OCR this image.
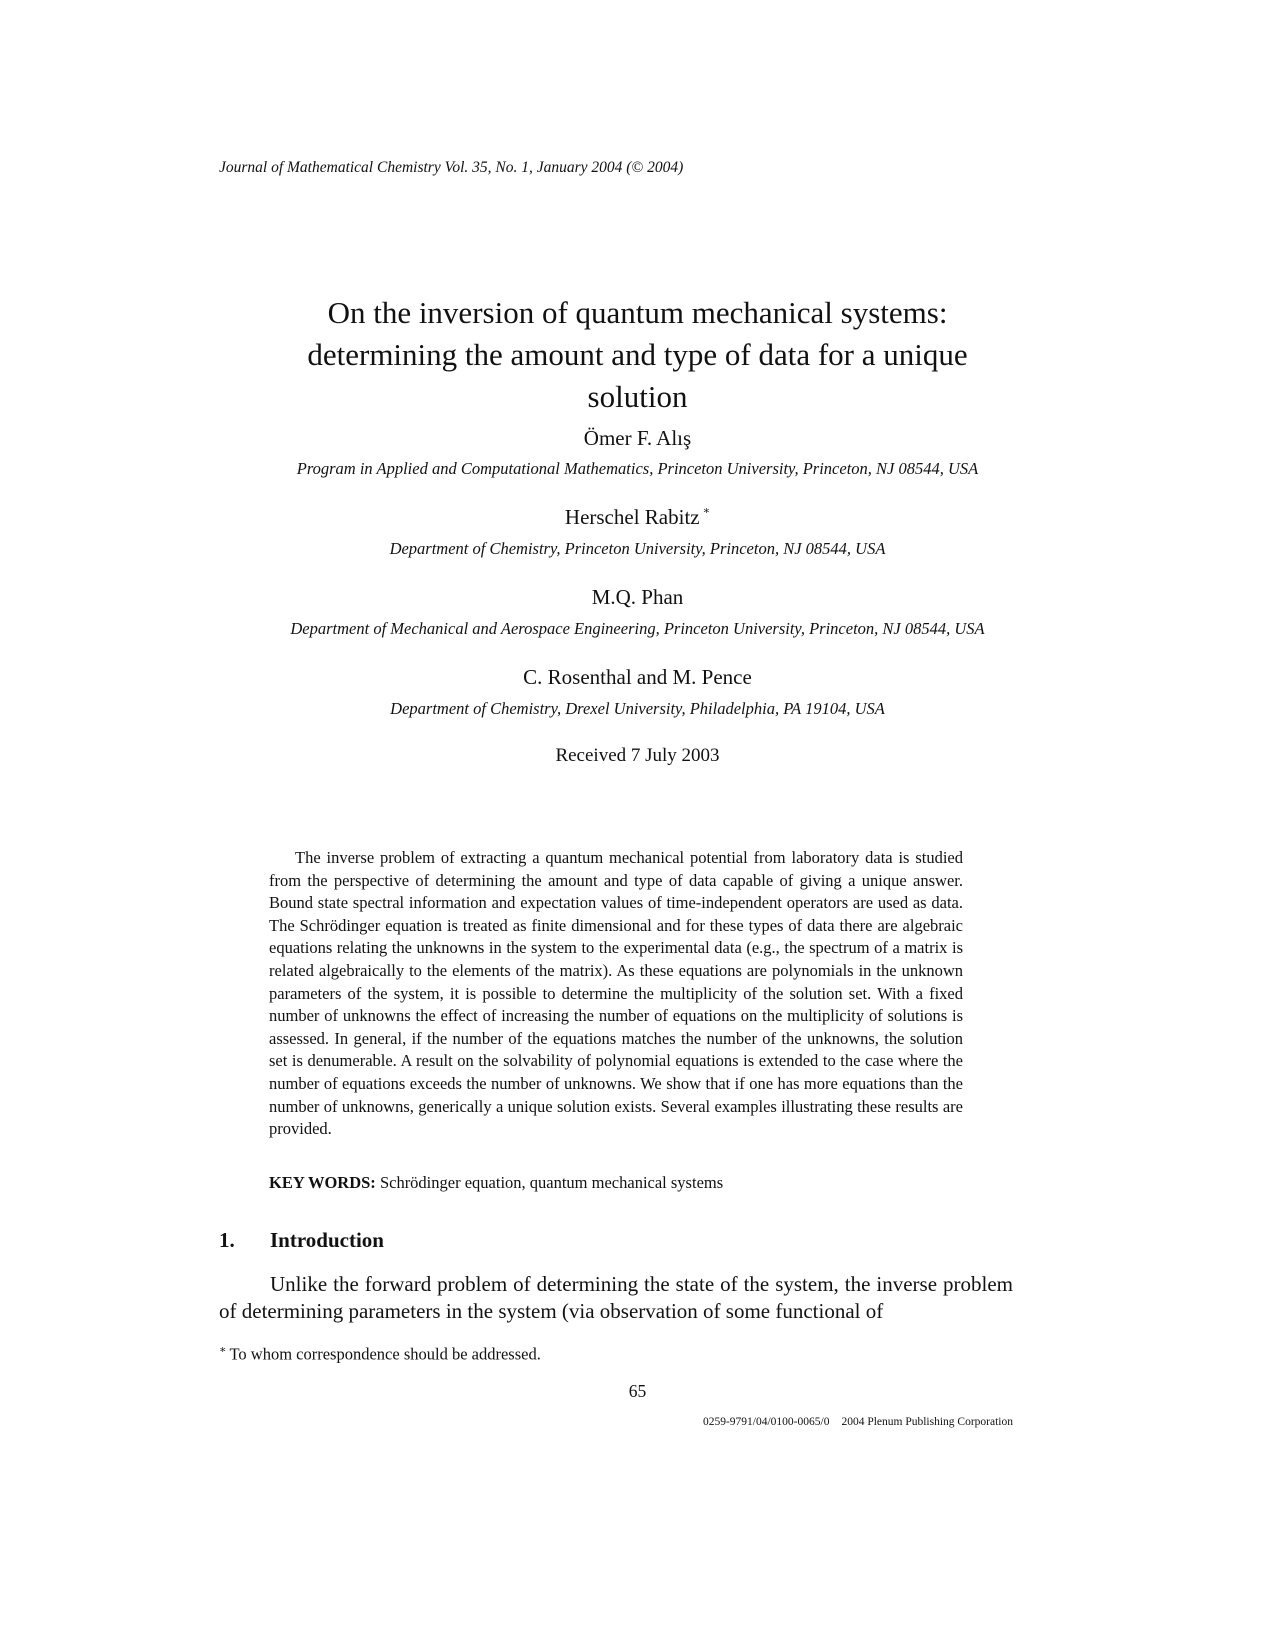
Journal of Mathematical Chemistry Vol. 35, No. 1, January 2004 (© 2004)
On the inversion of quantum mechanical systems:
determining the amount and type of data for a unique
solution
Ömer F. Alış
Program in Applied and Computational Mathematics, Princeton University, Princeton, NJ 08544, USA
Herschel Rabitz ∗
Department of Chemistry, Princeton University, Princeton, NJ 08544, USA
M.Q. Phan
Department of Mechanical and Aerospace Engineering, Princeton University, Princeton, NJ 08544, USA
C. Rosenthal and M. Pence
Department of Chemistry, Drexel University, Philadelphia, PA 19104, USA
Received 7 July 2003

The inverse problem of extracting a quantum mechanical potential from laboratory data is studied from the perspective of determining the amount and type of data capable of giving a unique answer. Bound state spectral information and expectation values of time-independent operators are used as data. The Schrödinger equation is treated as finite dimensional and for these types of data there are algebraic equations relating the unknowns in the system to the experimental data (e.g., the spectrum of a matrix is related algebraically to the elements of the matrix). As these equations are polynomials in the unknown parameters of the system, it is possible to determine the multiplicity of the solution set. With a fixed number of unknowns the effect of increasing the number of equations on the multiplicity of solutions is assessed. In general, if the number of the equations matches the number of the unknowns, the solution set is denumerable. A result on the solvability of polynomial equations is extended to the case where the number of equations exceeds the number of unknowns. We show that if one has more equations than the number of unknowns, generically a unique solution exists. Several examples illustrating these results are provided.

KEY WORDS: Schrödinger equation, quantum mechanical systems
1. Introduction

Unlike the forward problem of determining the state of the system, the inverse problem of determining parameters in the system (via observation of some functional of

∗ To whom correspondence should be addressed.
65
0259-9791/04/0100-0065/0 2004 Plenum Publishing Corporation
